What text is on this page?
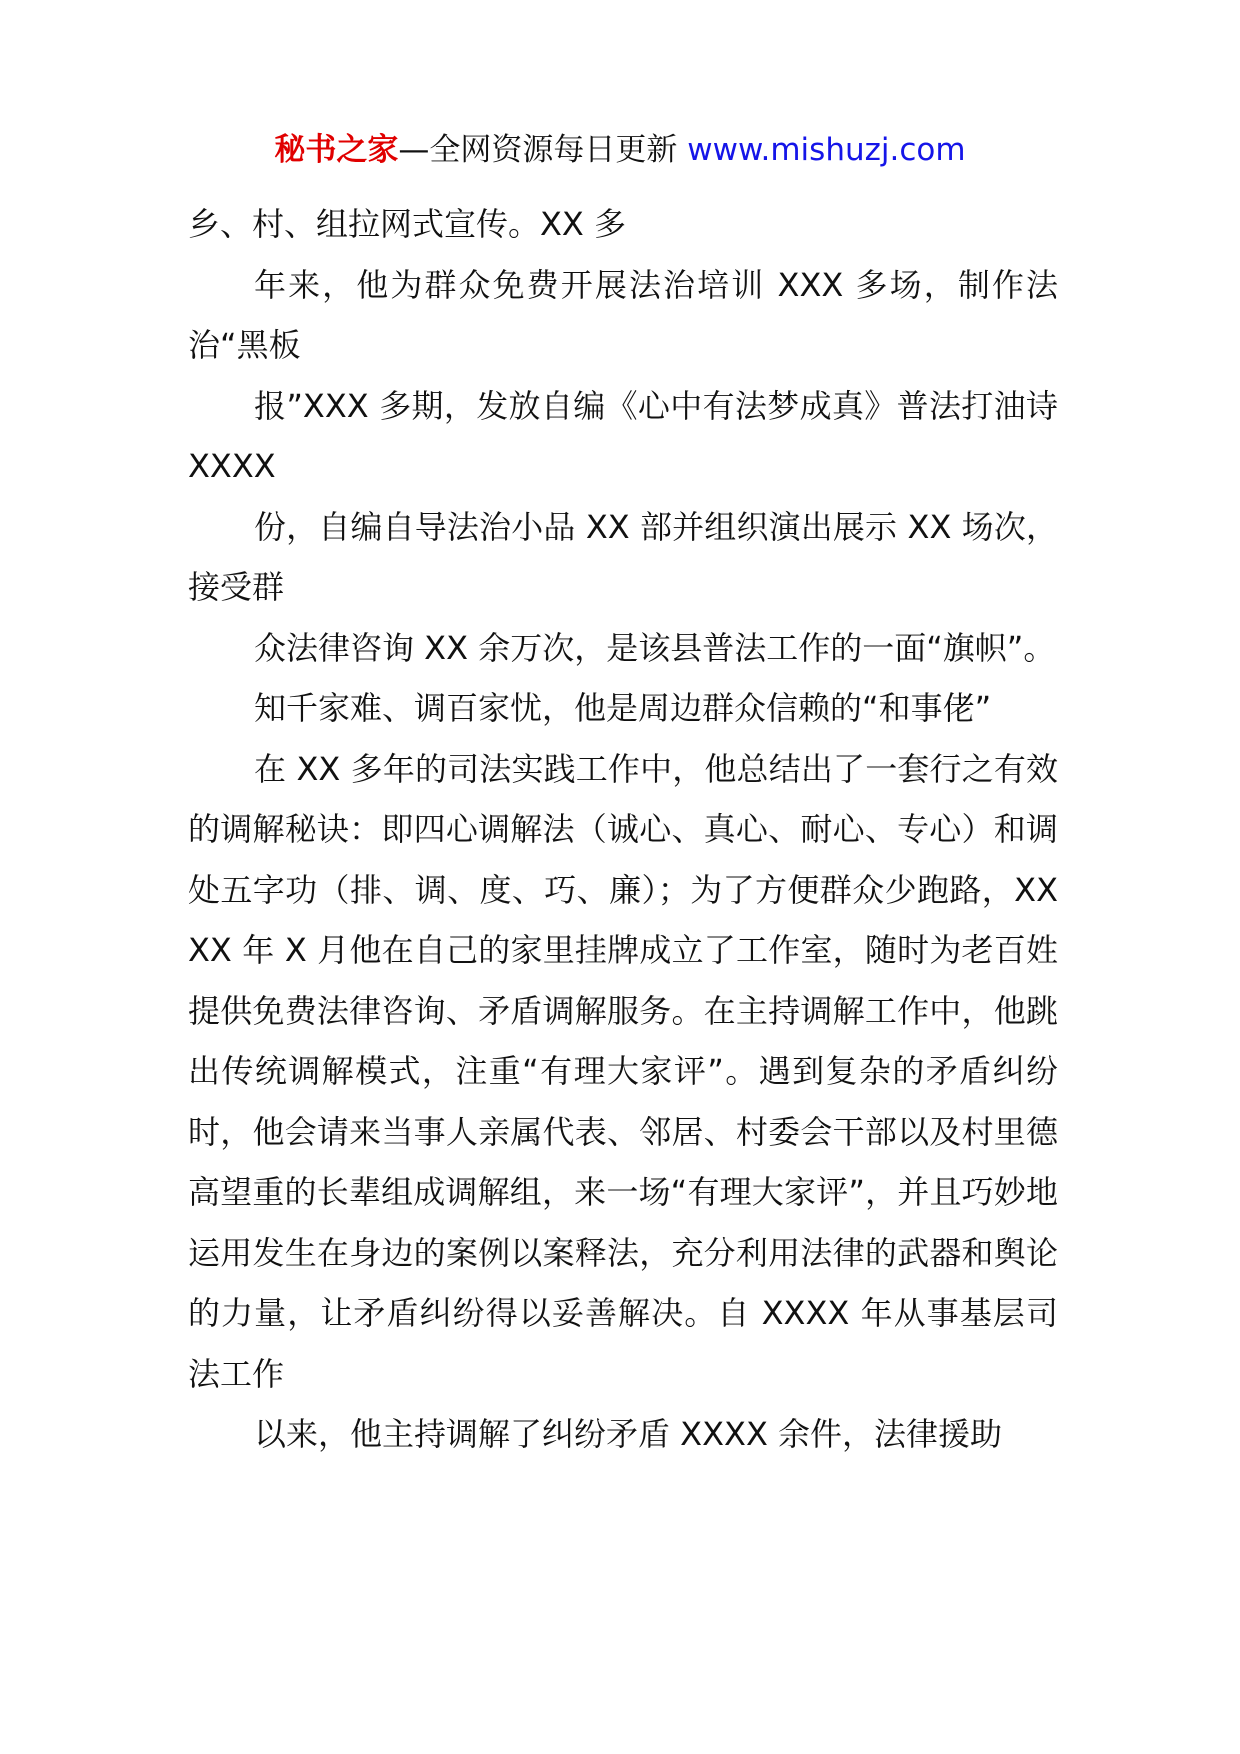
秘书之家—全网资源每日更新 www.mishuzj.com

乡、村、组拉网式宣传。XX 多

年来，他为群众免费开展法治培训 XXX 多场，制作法治“黑板

报”XXX 多期，发放自编《心中有法梦成真》普法打油诗 XXXX

份，自编自导法治小品 XX 部并组织演出展示 XX 场次，接受群

众法律咨询 XX 余万次，是该县普法工作的一面“旗帜”。

知千家难、调百家忧，他是周边群众信赖的“和事佬”

在 XX 多年的司法实践工作中，他总结出了一套行之有效的调解秘诀：即四心调解法（诚心、真心、耐心、专心）和调处五字功（排、调、度、巧、廉）；为了方便群众少跑路，XXXX 年 X 月他在自己的家里挂牌成立了工作室，随时为老百姓提供免费法律咨询、矛盾调解服务。在主持调解工作中，他跳出传统调解模式，注重“有理大家评”。遇到复杂的矛盾纠纷时，他会请来当事人亲属代表、邻居、村委会干部以及村里德高望重的长辈组成调解组，来一场“有理大家评”，并且巧妙地运用发生在身边的案例以案释法，充分利用法律的武器和舆论的力量，让矛盾纠纷得以妥善解决。自 XXXX 年从事基层司法工作

以来，他主持调解了纠纷矛盾 XXXX 余件，法律援助
